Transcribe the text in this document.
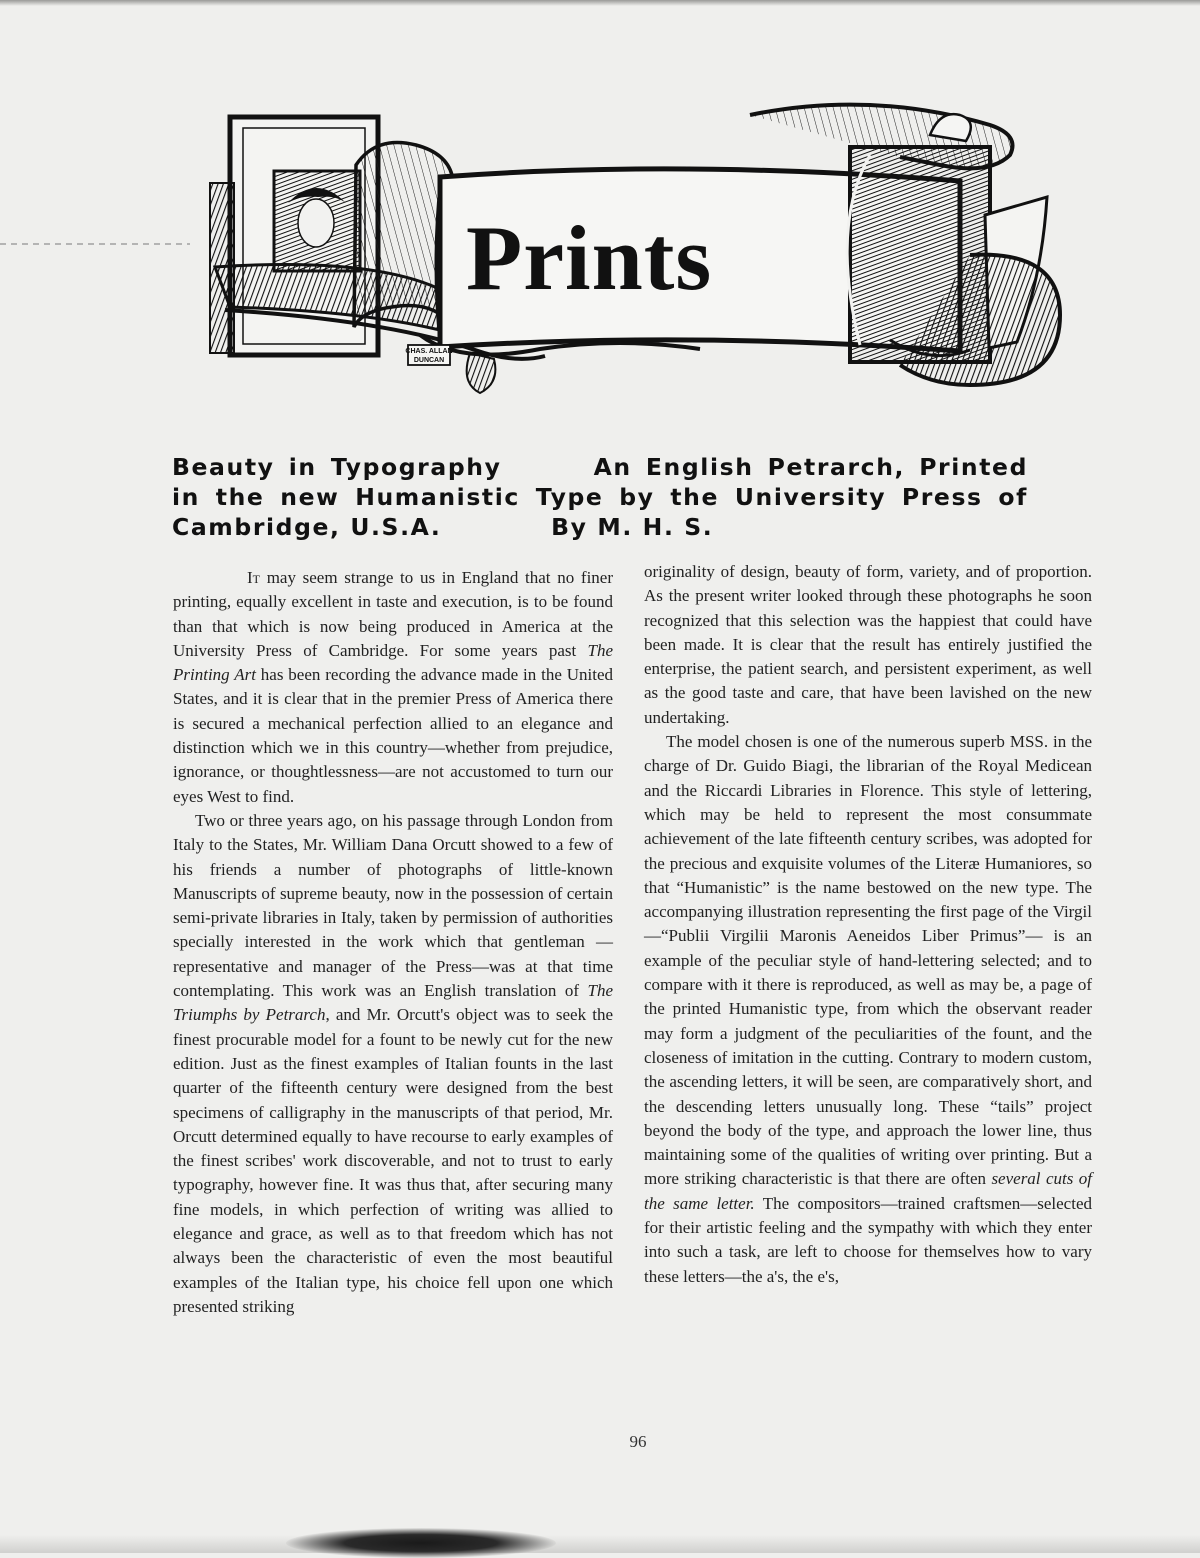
CHAS. ALLAN
DUNCAN
Prints
Beauty in Typography	An English Petrarch, Printed in the new Humanistic Type by the University Press of Cambridge, U.S.A.	By M. H. S.

It may seem strange to us in England that no finer printing, equally excellent in taste and execution, is to be found than that which is now being produced in America at the University Press of Cambridge. For some years past The Printing Art has been recording the advance made in the United States, and it is clear that in the premier Press of America there is secured a mechanical perfection allied to an elegance and distinction which we in this country—whether from prejudice, ignorance, or thoughtlessness—are not accustomed to turn our eyes West to find.

Two or three years ago, on his passage through London from Italy to the States, Mr. William Dana Orcutt showed to a few of his friends a number of photographs of little-known Manuscripts of supreme beauty, now in the possession of certain semi-private libraries in Italy, taken by permission of authorities specially interested in the work which that gentleman —representative and manager of the Press—was at that time contemplating. This work was an English translation of The Triumphs by Petrarch, and Mr. Orcutt's object was to seek the finest procurable model for a fount to be newly cut for the new edition. Just as the finest examples of Italian founts in the last quarter of the fifteenth century were designed from the best specimens of calligraphy in the manuscripts of that period, Mr. Orcutt determined equally to have recourse to early examples of the finest scribes' work discoverable, and not to trust to early typography, however fine. It was thus that, after securing many fine models, in which perfection of writing was allied to elegance and grace, as well as to that freedom which has not always been the characteristic of even the most beautiful examples of the Italian type, his choice fell upon one which presented striking

originality of design, beauty of form, variety, and of proportion. As the present writer looked through these photographs he soon recognized that this selection was the happiest that could have been made. It is clear that the result has entirely justified the enterprise, the patient search, and persistent experiment, as well as the good taste and care, that have been lavished on the new undertaking.

The model chosen is one of the numerous superb MSS. in the charge of Dr. Guido Biagi, the librarian of the Royal Medicean and the Riccardi Libraries in Florence. This style of lettering, which may be held to represent the most consummate achievement of the late fifteenth century scribes, was adopted for the precious and exquisite volumes of the Literæ Humaniores, so that “Humanistic” is the name bestowed on the new type. The accompanying illustration representing the first page of the Virgil —“Publii Virgilii Maronis Aeneidos Liber Primus”— is an example of the peculiar style of hand-lettering selected; and to compare with it there is reproduced, as well as may be, a page of the printed Humanistic type, from which the observant reader may form a judgment of the peculiarities of the fount, and the closeness of imitation in the cutting. Contrary to modern custom, the ascending letters, it will be seen, are comparatively short, and the descending letters unusually long. These “tails” project beyond the body of the type, and approach the lower line, thus maintaining some of the qualities of writing over printing. But a more striking characteristic is that there are often several cuts of the same letter. The compositors—trained craftsmen—selected for their artistic feeling and the sympathy with which they enter into such a task, are left to choose for themselves how to vary these letters—the a's, the e's,

96
